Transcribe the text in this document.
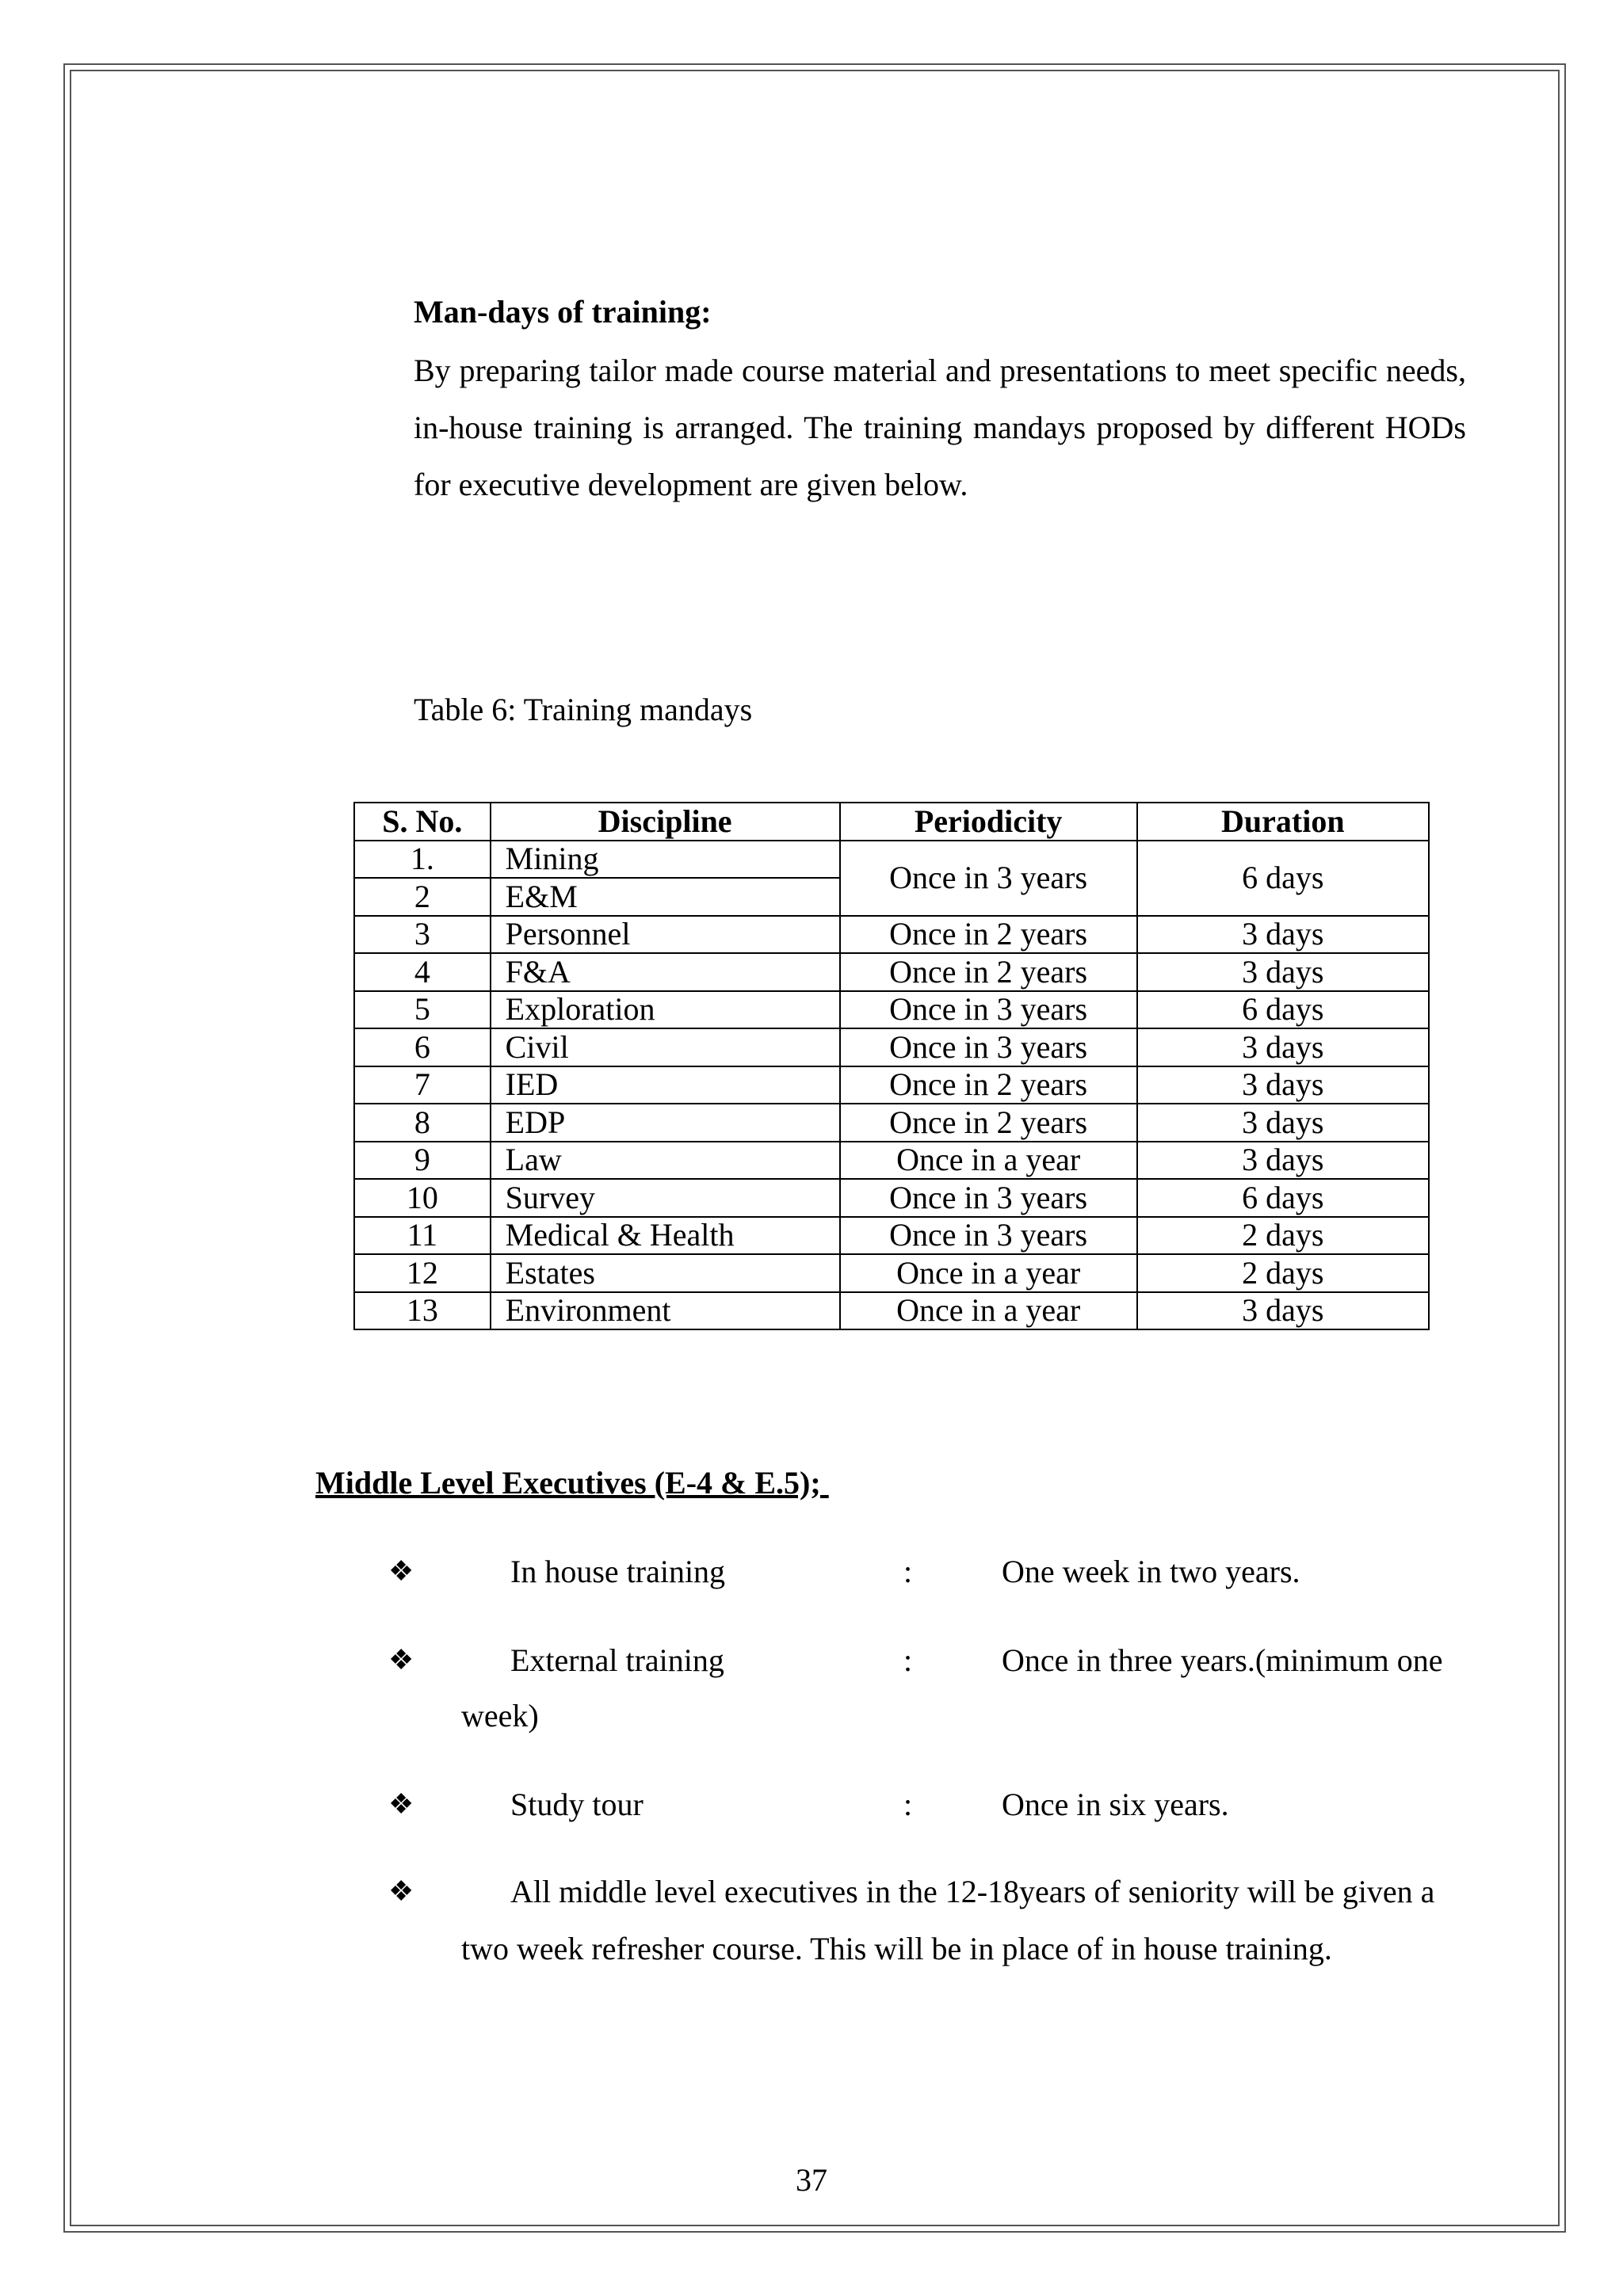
Man-days of training:

By preparing tailor made course material and presentations to meet specific needs, in-house training is arranged. The training mandays proposed by different HODs for executive development are given below.

Table 6: Training mandays

S. No.	Discipline	Periodicity	Duration
1.	Mining	Once in 3 years	6 days
2	E&M		
3	Personnel	Once in 2 years	3 days
4	F&A	Once in 2 years	3 days
5	Exploration	Once in 3 years	6 days
6	Civil	Once in 3 years	3 days
7	IED	Once in 2 years	3 days
8	EDP	Once in 2 years	3 days
9	Law	Once in a year	3 days
10	Survey	Once in 3 years	6 days
11	Medical & Health	Once in 3 years	2 days
12	Estates	Once in a year	2 days
13	Environment	Once in a year	3 days

Middle Level Executives (E-4 & E.5);

❖	In house training	:	One week in two years.
❖	External training	:	Once in three years.(minimum one
week)
❖	Study tour	:	Once in six years.
❖	All middle level executives in the 12-18years of seniority will be given a
two week refresher course. This will be in place of in house training.
37
